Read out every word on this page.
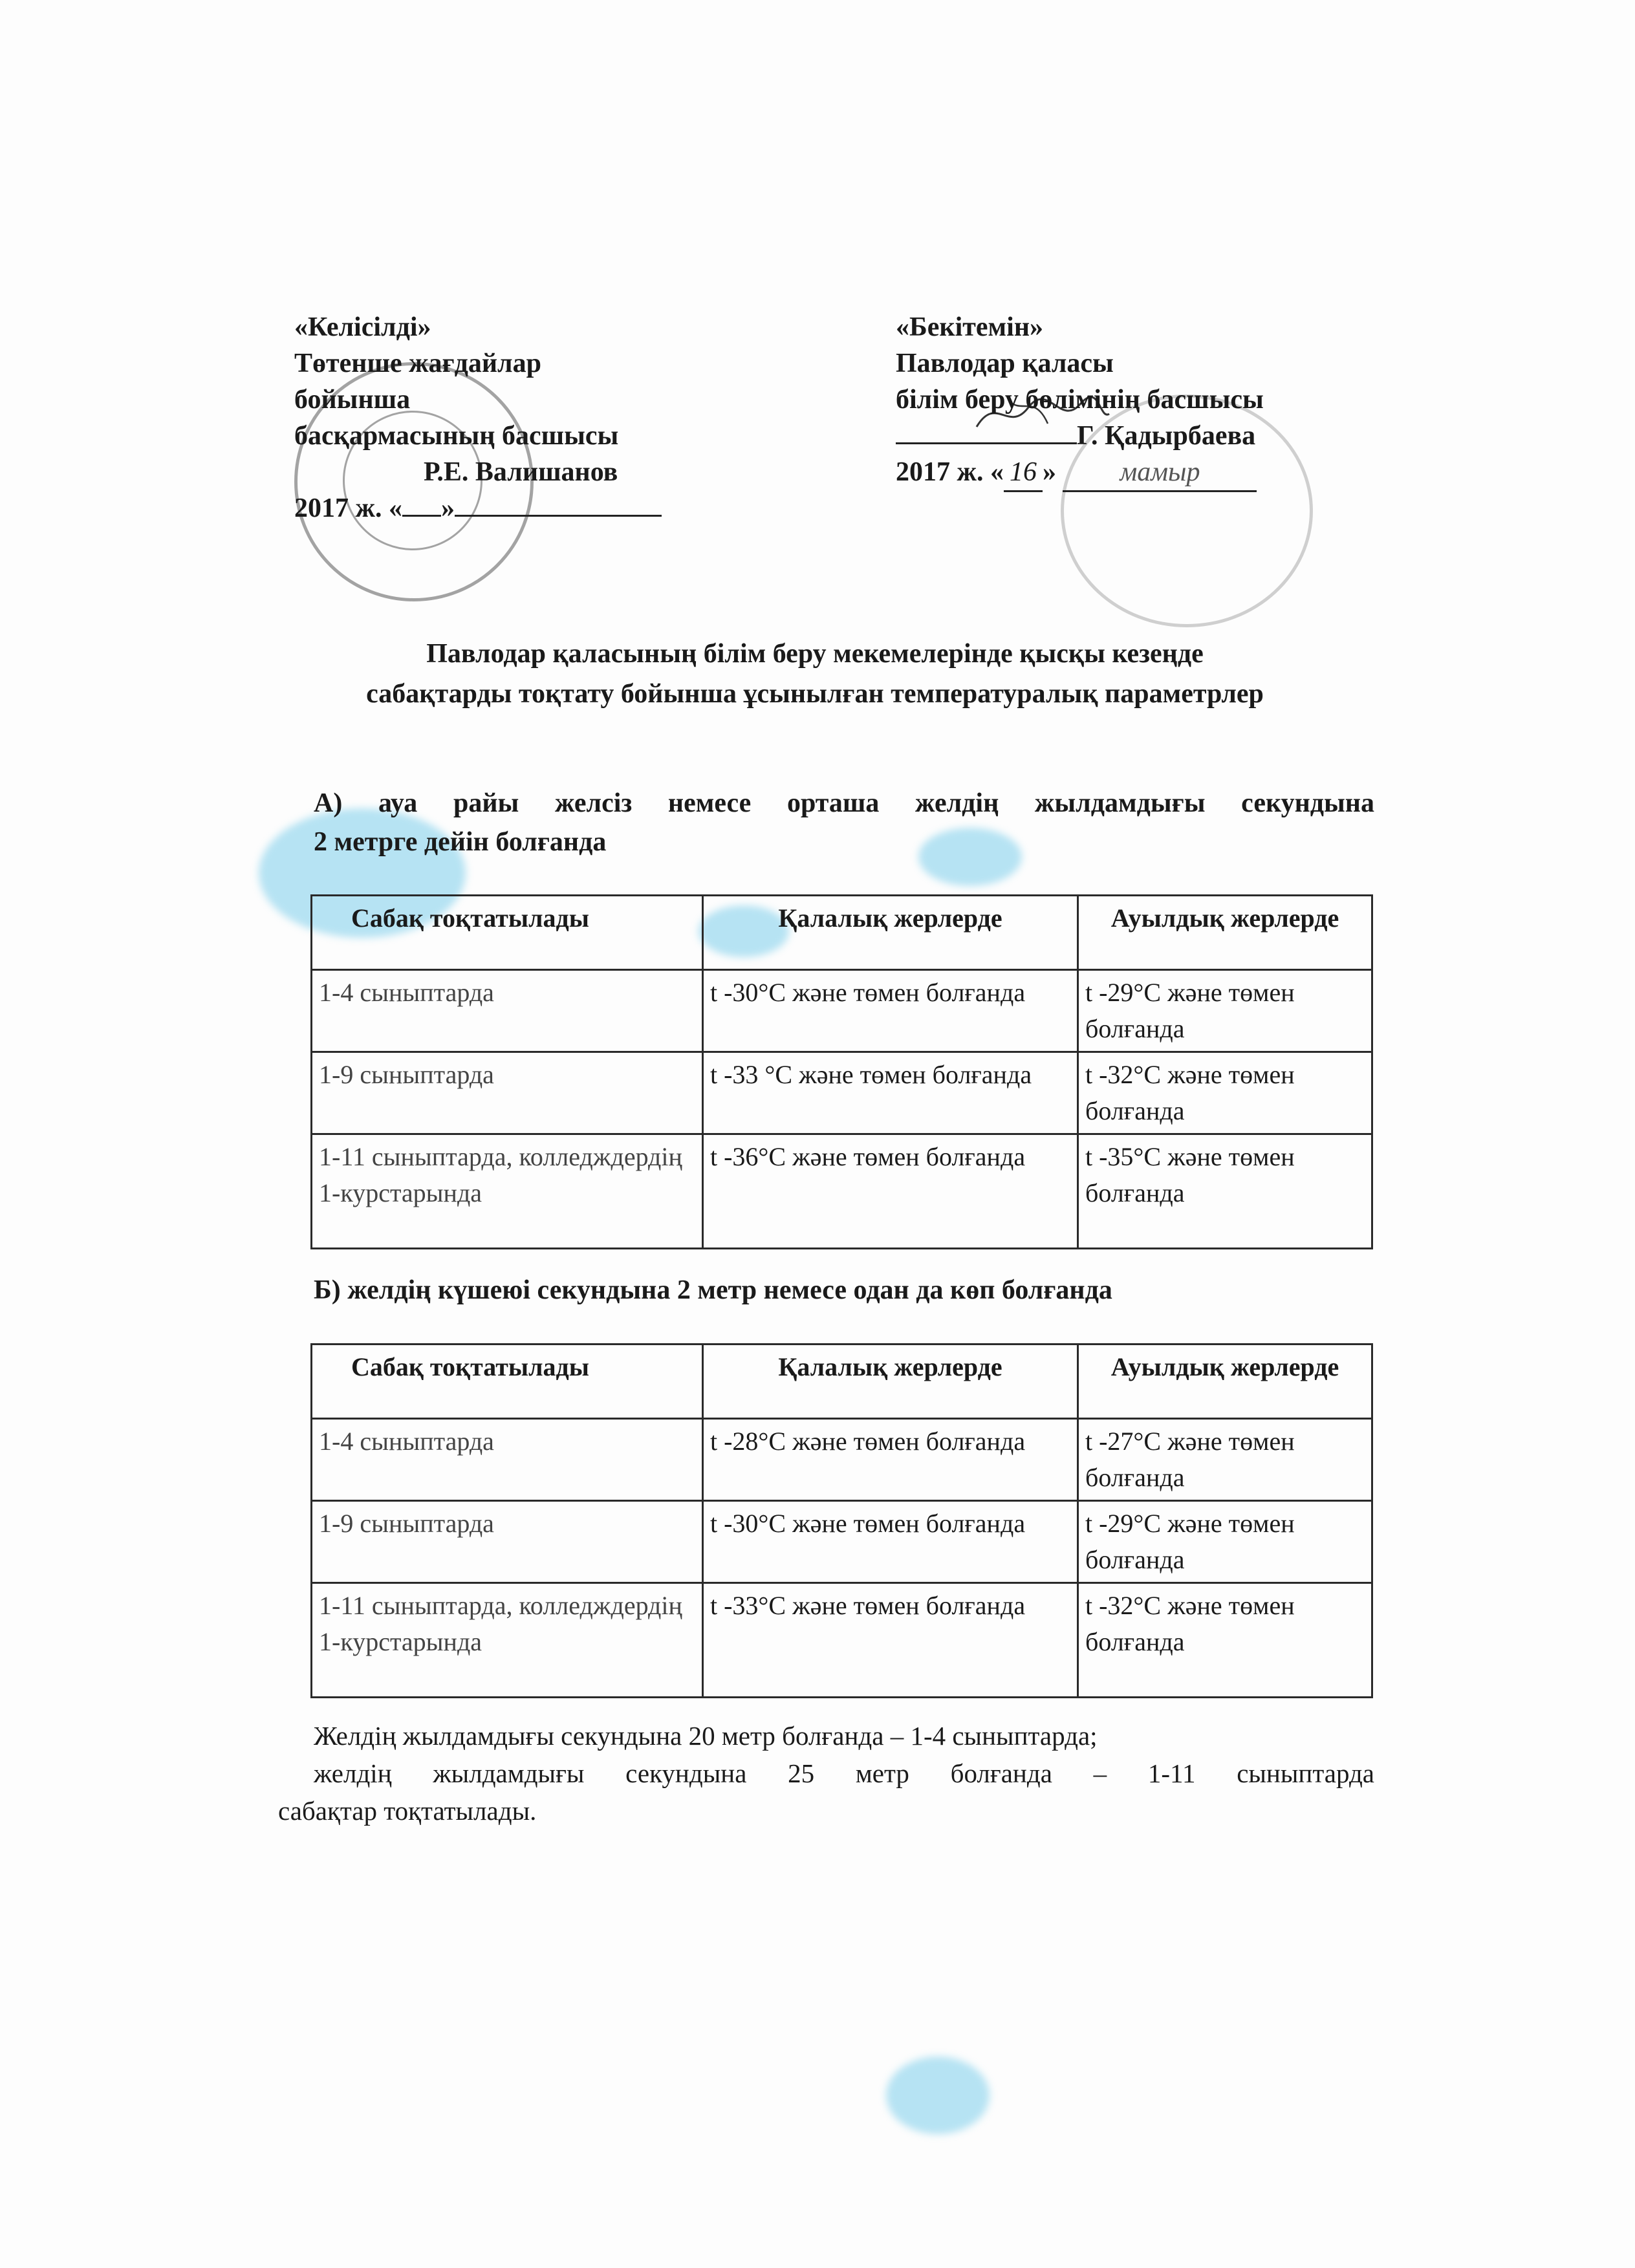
«Келісілді»
Төтенше жағдайлар
бойынша
басқармасының басшысы
Р.Е. Валишанов
2017 ж. « »
«Бекітемін»
Павлодар қаласы
білім беру бөлімінің басшысы
Г. Қадырбаева
2017 ж. « 16 » мамыр
Павлодар қаласының білім беру мекемелерінде қысқы кезеңде
сабақтарды тоқтату бойынша ұсынылған температуралық параметрлер
А) ауа райы желсіз немесе орташа желдің жылдамдығы секундына
2 метрге дейін болғанда
Сабақ тоқтатылады	Қалалық жерлерде	Ауылдық жерлерде
1-4 сыныптарда	t -30°С және төмен болғанда	t -29°С және төмен болғанда
1-9 сыныптарда	t -33 °С және төмен болғанда	t -32°С және төмен болғанда
1-11 сыныптарда, колледждердің 1-курстарында	t -36°С және төмен болғанда	t -35°С және төмен болғанда
Б) желдің күшеюі секундына 2 метр немесе одан да көп болғанда
Сабақ тоқтатылады	Қалалық жерлерде	Ауылдық жерлерде
1-4 сыныптарда	t -28°С және төмен болғанда	t -27°С және төмен болғанда
1-9 сыныптарда	t -30°С және төмен болғанда	t -29°С және төмен болғанда
1-11 сыныптарда, колледждердің 1-курстарында	t -33°С және төмен болғанда	t -32°С және төмен болғанда
Желдің жылдамдығы секундына 20 метр болғанда – 1-4 сыныптарда;
желдің жылдамдығы секундына 25 метр болғанда – 1-11 сыныптарда
сабақтар тоқтатылады.
